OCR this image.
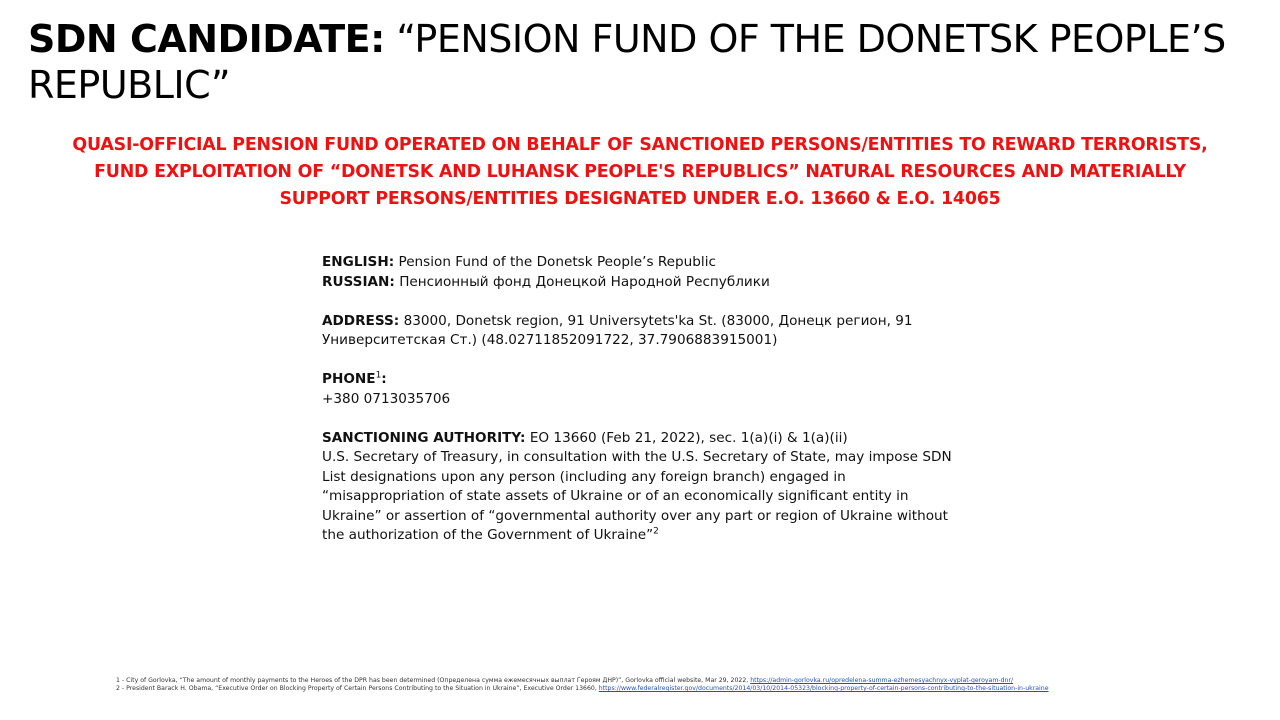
SDN CANDIDATE: “PENSION FUND OF THE DONETSK PEOPLE’S REPUBLIC”

QUASI-OFFICIAL PENSION FUND OPERATED ON BEHALF OF SANCTIONED PERSONS/ENTITIES TO REWARD TERRORISTS, FUND EXPLOITATION OF “DONETSK AND LUHANSK PEOPLE'S REPUBLICS” NATURAL RESOURCES AND MATERIALLY SUPPORT PERSONS/ENTITIES DESIGNATED UNDER E.O. 13660 & E.O. 14065

ENGLISH: Pension Fund of the Donetsk People’s Republic
RUSSIAN: Пенсионный фонд Донецкой Народной Республики
ADDRESS: 83000, Donetsk region, 91 Universytets'ka St. (83000, Донецк регион, 91 Университетская Ст.) (48.02711852091722, 37.7906883915001)
$PHONE^1$:
+380 0713035706
SANCTIONING AUTHORITY: EO 13660 (Feb 21, 2022), sec. 1(a)(i) & 1(a)(ii)
U.S. Secretary of Treasury, in consultation with the U.S. Secretary of State, may impose SDN List designations upon any person (including any foreign branch) engaged in “misappropriation of state assets of Ukraine or of an economically significant entity in Ukraine” or assertion of “governmental authority over any part or region of Ukraine without the authorization of the Government of Ukraine”$^2$
1 - City of Gorlovka, “The amount of monthly payments to the Heroes of the DPR has been determined (Определена сумма ежемесячных выплат Героям ДНР)”, Gorlovka official website, Mar 29, 2022, https://admin-gorlovka.ru/opredelena-summa-ezhemesyachnyx-vyplat-geroyam-dnr/
2 - President Barack H. Obama, “Executive Order on Blocking Property of Certain Persons Contributing to the Situation in Ukraine”, Executive Order 13660, https://www.federalregister.gov/documents/2014/03/10/2014-05323/blocking-property-of-certain-persons-contributing-to-the-situation-in-ukraine
